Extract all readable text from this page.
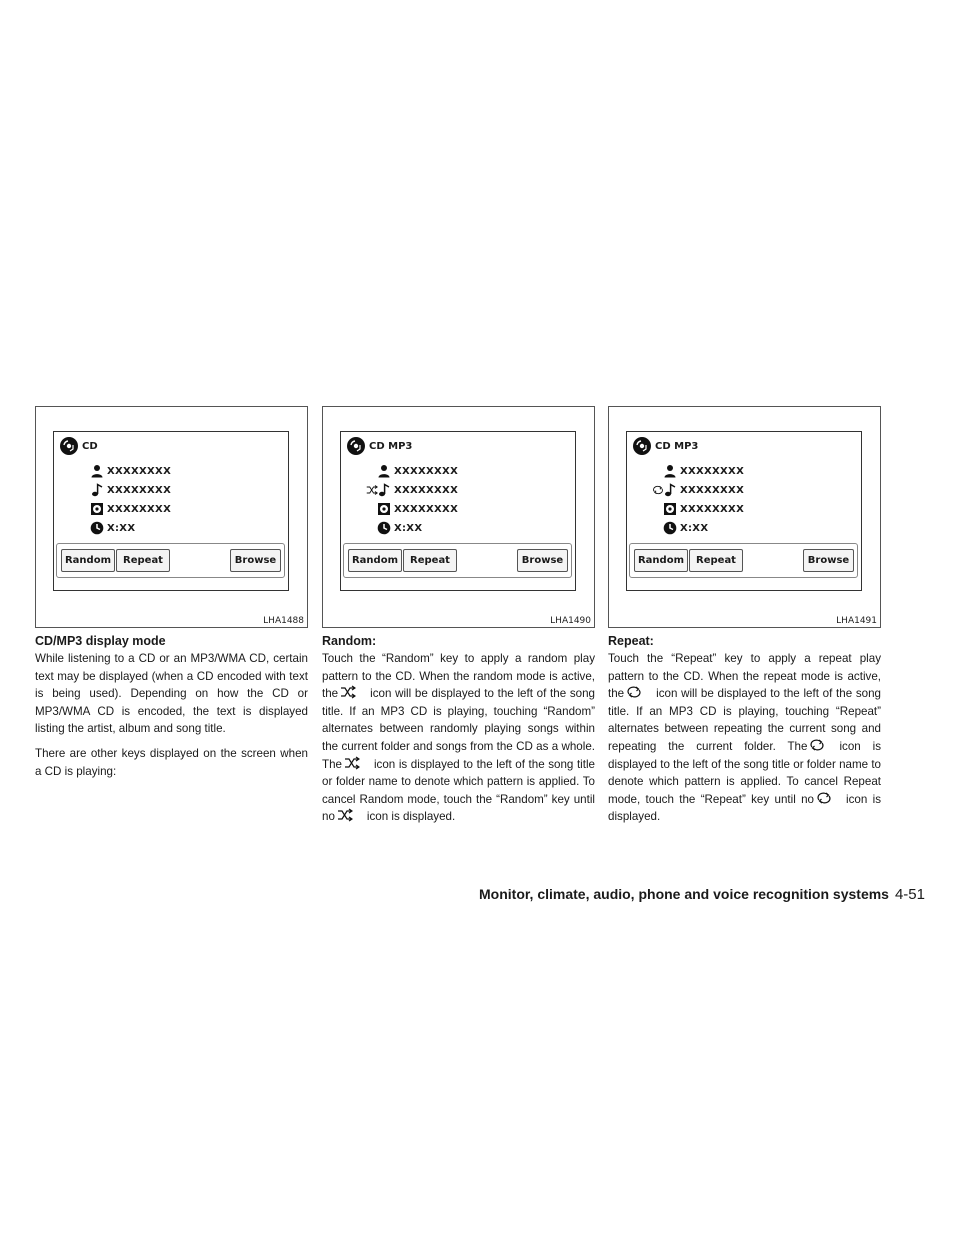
CD
XXXXXXXX
XXXXXXXX
XXXXXXXX
X:XX
Random	Repeat	Browse
LHA1488

CD/MP3 display mode

While listening to a CD or an MP3/WMA CD, certain text may be displayed (when a CD encoded with text is being used). Depending on how the CD or MP3/WMA CD is encoded, the text is displayed listing the artist, album and song title.

There are other keys displayed on the screen when a CD is playing:

CD MP3
XXXXXXXX
XXXXXXXX
XXXXXXXX
X:XX
Random	Repeat	Browse
LHA1490

Random:

Touch the “Random” key to apply a random play pattern to the CD. When the random mode is active, the	icon will be displayed to the left of the song title. If an MP3 CD is playing, touching “Random” alternates between randomly playing songs within the current folder and songs from the CD as a whole. The	icon is displayed to the left of the song title or folder name to denote which pattern is applied. To cancel Random mode, touch the “Random” key until no	icon is displayed.

CD MP3
XXXXXXXX
XXXXXXXX
XXXXXXXX
X:XX
Random	Repeat	Browse
LHA1491

Repeat:

Touch the “Repeat” key to apply a repeat play pattern to the CD. When the repeat mode is active, the	icon will be displayed to the left of the song title. If an MP3 CD is playing, touching “Repeat” alternates between repeating the current song and repeating the current folder. The	icon is displayed to the left of the song title or folder name to denote which pattern is applied. To cancel Repeat mode, touch the “Repeat” key until no	icon is displayed.

Monitor, climate, audio, phone and voice recognition systems 4-51
